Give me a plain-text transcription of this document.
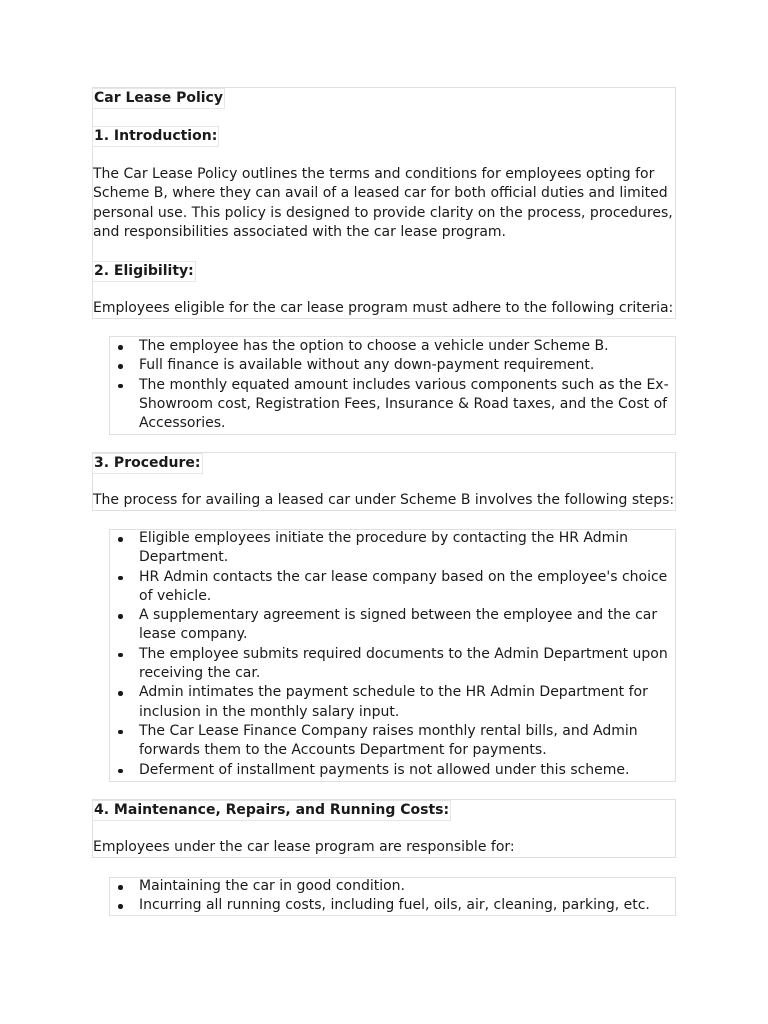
Car Lease Policy
1. Introduction:

The Car Lease Policy outlines the terms and conditions for employees opting for Scheme B, where they can avail of a leased car for both official duties and limited personal use. This policy is designed to provide clarity on the process, procedures, and responsibilities associated with the car lease program.

2. Eligibility:

Employees eligible for the car lease program must adhere to the following criteria:

The employee has the option to choose a vehicle under Scheme B.
Full finance is available without any down-payment requirement.
The monthly equated amount includes various components such as the Ex-Showroom cost, Registration Fees, Insurance & Road taxes, and the Cost of Accessories.
3. Procedure:

The process for availing a leased car under Scheme B involves the following steps:

Eligible employees initiate the procedure by contacting the HR Admin Department.
HR Admin contacts the car lease company based on the employee's choice of vehicle.
A supplementary agreement is signed between the employee and the car lease company.
The employee submits required documents to the Admin Department upon receiving the car.
Admin intimates the payment schedule to the HR Admin Department for inclusion in the monthly salary input.
The Car Lease Finance Company raises monthly rental bills, and Admin forwards them to the Accounts Department for payments.
Deferment of installment payments is not allowed under this scheme.
4. Maintenance, Repairs, and Running Costs:

Employees under the car lease program are responsible for:

Maintaining the car in good condition.
Incurring all running costs, including fuel, oils, air, cleaning, parking, etc.
